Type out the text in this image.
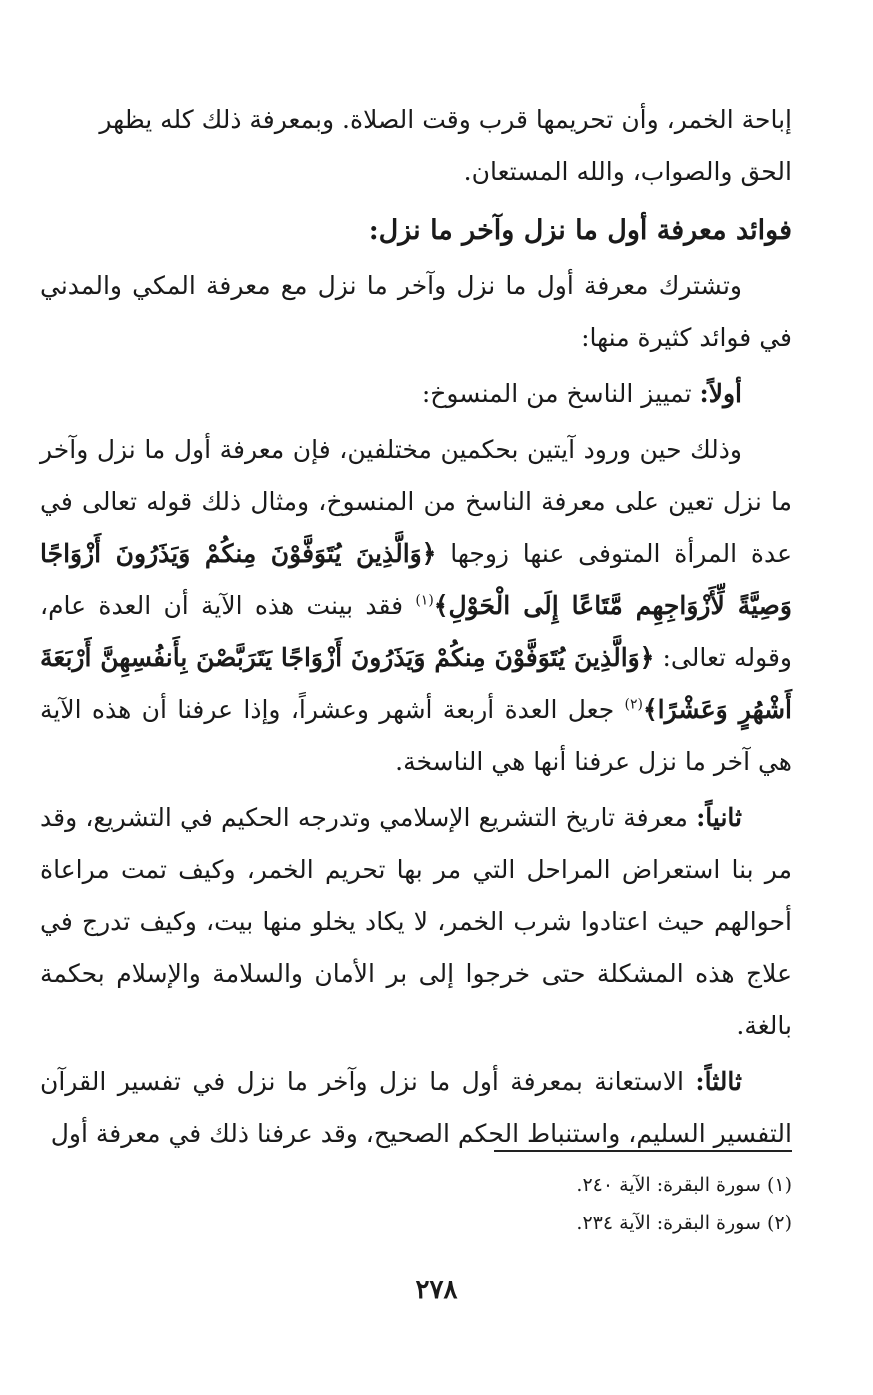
إباحة الخمر، وأن تحريمها قرب وقت الصلاة. وبمعرفة ذلك كله يظهر

الحق والصواب، والله المستعان.

فوائد معرفة أول ما نزل وآخر ما نزل:

وتشترك معرفة أول ما نزل وآخر ما نزل مع معرفة المكي والمدني في فوائد كثيرة منها:

أولاً: تمييز الناسخ من المنسوخ:

وذلك حين ورود آيتين بحكمين مختلفين، فإن معرفة أول ما نزل وآخر ما نزل تعين على معرفة الناسخ من المنسوخ، ومثال ذلك قوله تعالى في عدة المرأة المتوفى عنها زوجها ﴿وَالَّذِينَ يُتَوَفَّوْنَ مِنكُمْ وَيَذَرُونَ أَزْوَاجًا وَصِيَّةً لِّأَزْوَاجِهِم مَّتَاعًا إِلَى الْحَوْلِ﴾$^{(١)}$ فقد بينت هذه الآية أن العدة عام، وقوله تعالى: ﴿وَالَّذِينَ يُتَوَفَّوْنَ مِنكُمْ وَيَذَرُونَ أَزْوَاجًا يَتَرَبَّصْنَ بِأَنفُسِهِنَّ أَرْبَعَةَ أَشْهُرٍ وَعَشْرًا﴾$^{(٢)}$ جعل العدة أربعة أشهر وعشراً، وإذا عرفنا أن هذه الآية هي آخر ما نزل عرفنا أنها هي الناسخة.

ثانياً: معرفة تاريخ التشريع الإسلامي وتدرجه الحكيم في التشريع، وقد مر بنا استعراض المراحل التي مر بها تحريم الخمر، وكيف تمت مراعاة أحوالهم حيث اعتادوا شرب الخمر، لا يكاد يخلو منها بيت، وكيف تدرج في علاج هذه المشكلة حتى خرجوا إلى بر الأمان والسلامة والإسلام بحكمة بالغة.

ثالثاً: الاستعانة بمعرفة أول ما نزل وآخر ما نزل في تفسير القرآن التفسير السليم، واستنباط الحكم الصحيح، وقد عرفنا ذلك في معرفة أول

(١) سورة البقرة: الآية ٢٤٠.

(٢) سورة البقرة: الآية ٢٣٤.

٢٧٨
